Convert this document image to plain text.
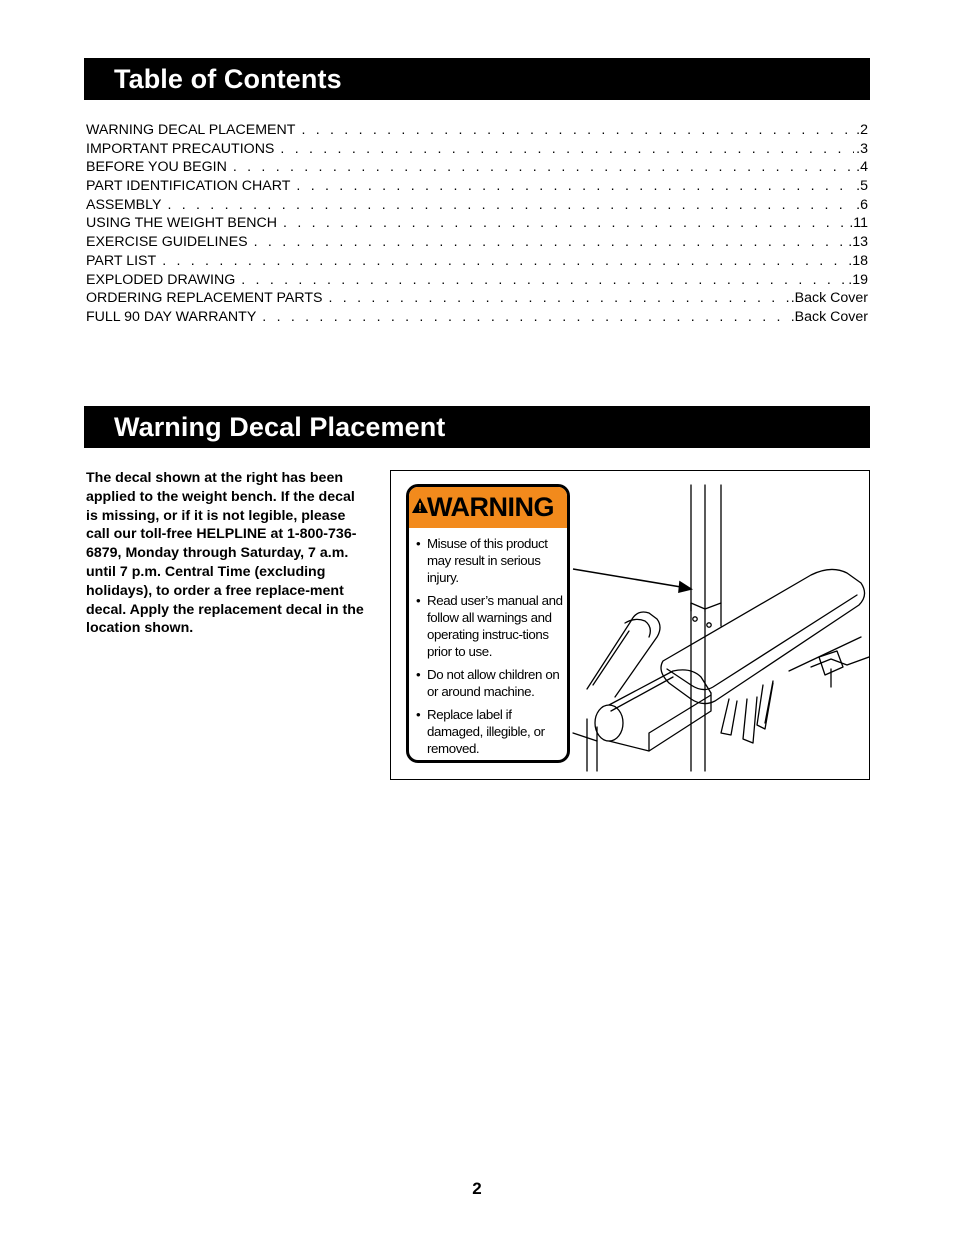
Table of Contents
WARNING DECAL PLACEMENT . . .	.2
IMPORTANT PRECAUTIONS . . .	.3
BEFORE YOU BEGIN . . .	.4
PART IDENTIFICATION CHART . . .	.5
ASSEMBLY . . .	.6
USING THE WEIGHT BENCH . . .	.11
EXERCISE GUIDELINES . . .	.13
PART LIST . . .	.18
EXPLODED DRAWING . . .	.19
ORDERING REPLACEMENT PARTS . . .	.Back Cover
FULL 90 DAY WARRANTY . . .	.Back Cover
Warning Decal Placement

The decal shown at the right has been applied to the weight bench. If the decal is missing, or if it is not legible, please call our toll-free HELPLINE at 1-800-736-6879, Monday through Saturday, 7 a.m. until 7 p.m. Central Time (excluding holidays), to order a free replace-ment decal. Apply the replacement decal in the location shown.

WARNING
• Misuse of this product may result in serious injury.
• Read user’s manual and follow all warnings and operating instruc-tions prior to use.
• Do not allow children on or around machine.
• Replace label if damaged, illegible, or removed.
2
